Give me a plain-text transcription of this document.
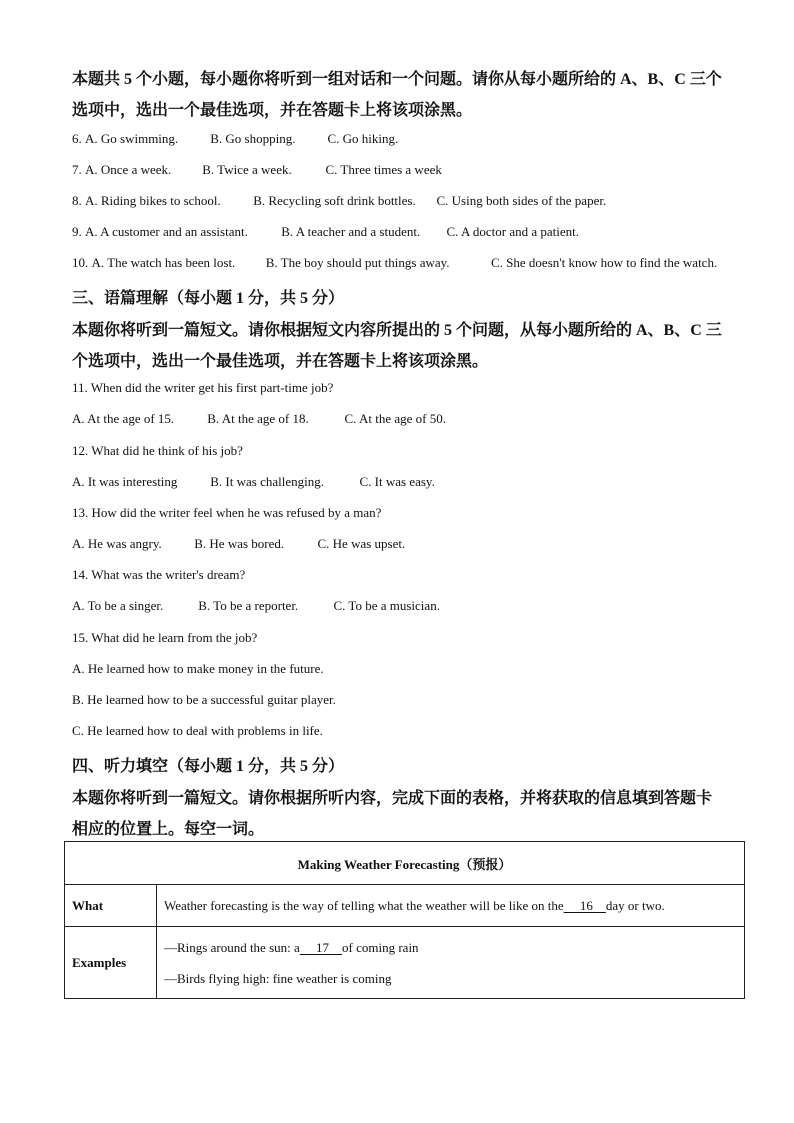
本题共 5 个小题，每小题你将听到一组对话和一个问题。请你从每小题所给的 A、B、C 三个
选项中，选出一个最佳选项，并在答题卡上将该项涂黑。
6. A. Go swimming. B. Go shopping. C. Go hiking.
7. A. Once a week. B. Twice a week.	C. Three times a week
8. A. Riding bikes to school. B. Recycling soft drink bottles. C. Using both sides of the paper.
9. A. A customer and an assistant.	B. A teacher and a student. C. A doctor and a patient.
10. A. The watch has been lost. B. The boy should put things away.	C. She doesn't know how to find the watch.
三、语篇理解（每小题 1 分，共 5 分）
本题你将听到一篇短文。请你根据短文内容所提出的 5 个问题，从每小题所给的 A、B、C 三
个选项中，选出一个最佳选项，并在答题卡上将该项涂黑。
11. When did the writer get his first part-time job?
A. At the age of 15.	B. At the age of 18.	C. At the age of 50.
12. What did he think of his job?
A. It was interesting	B. It was challenging.	C. It was easy.
13. How did the writer feel when he was refused by a man?
A. He was angry. B. He was bored.	C. He was upset.
14. What was the writer's dream?
A. To be a singer.	B. To be a reporter.	C. To be a musician.
15. What did he learn from the job?
A. He learned how to make money in the future.
B. He learned how to be a successful guitar player.
C. He learned how to deal with problems in life.
四、听力填空（每小题 1 分，共 5 分）
本题你将听到一篇短文。请你根据所听内容，完成下面的表格，并将获取的信息填到答题卡
相应的位置上。每空一词。
Making Weather Forecasting（预报）	
What	Weather forecasting is the way of telling what the weather will be like on the 16 day or two.
Examples	—Rings around the sun: a 17 of coming rain
—Birds flying high: fine weather is coming
